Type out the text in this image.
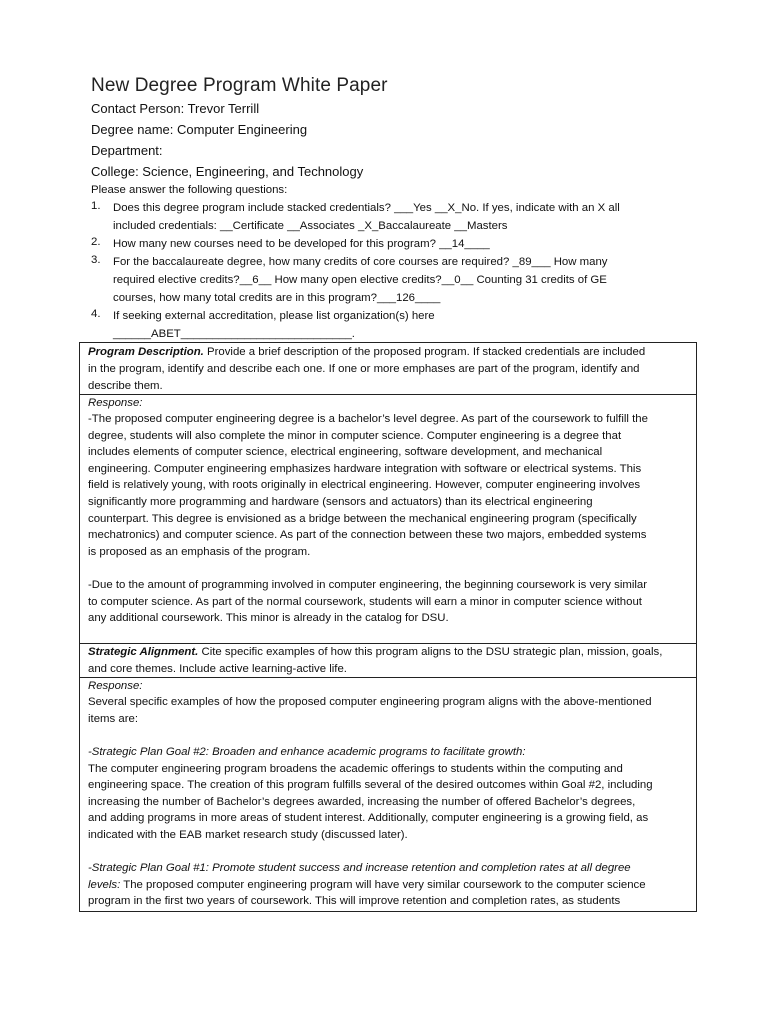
New Degree Program White Paper
Contact Person: Trevor Terrill
Degree name: Computer Engineering
Department:
College: Science, Engineering, and Technology
Please answer the following questions:
1. Does this degree program include stacked credentials? ___Yes __X_No. If yes, indicate with an X all
included credentials: __Certificate __Associates _X_Baccalaureate __Masters
2. How many new courses need to be developed for this program? __14____
3. For the baccalaureate degree, how many credits of core courses are required? _89___ How many
required elective credits?__6__ How many open elective credits?__0__ Counting 31 credits of GE
courses, how many total credits are in this program?___126____
4. If seeking external accreditation, please list organization(s) here
______ABET___________________________.
Program Description. Provide a brief description of the proposed program. If stacked credentials are included
in the program, identify and describe each one. If one or more emphases are part of the program, identify and
describe them.
Response:
-The proposed computer engineering degree is a bachelor’s level degree. As part of the coursework to fulfill the
degree, students will also complete the minor in computer science. Computer engineering is a degree that
includes elements of computer science, electrical engineering, software development, and mechanical
engineering. Computer engineering emphasizes hardware integration with software or electrical systems. This
field is relatively young, with roots originally in electrical engineering. However, computer engineering involves
significantly more programming and hardware (sensors and actuators) than its electrical engineering
counterpart. This degree is envisioned as a bridge between the mechanical engineering program (specifically
mechatronics) and computer science. As part of the connection between these two majors, embedded systems
is proposed as an emphasis of the program.
-Due to the amount of programming involved in computer engineering, the beginning coursework is very similar
to computer science. As part of the normal coursework, students will earn a minor in computer science without
any additional coursework. This minor is already in the catalog for DSU.
Strategic Alignment. Cite specific examples of how this program aligns to the DSU strategic plan, mission, goals,
and core themes. Include active learning-active life.
Response:
Several specific examples of how the proposed computer engineering program aligns with the above-mentioned
items are:
-Strategic Plan Goal #2: Broaden and enhance academic programs to facilitate growth:
The computer engineering program broadens the academic offerings to students within the computing and
engineering space. The creation of this program fulfills several of the desired outcomes within Goal #2, including
increasing the number of Bachelor’s degrees awarded, increasing the number of offered Bachelor’s degrees,
and adding programs in more areas of student interest. Additionally, computer engineering is a growing field, as
indicated with the EAB market research study (discussed later).
-Strategic Plan Goal #1: Promote student success and increase retention and completion rates at all degree
levels: The proposed computer engineering program will have very similar coursework to the computer science
program in the first two years of coursework. This will improve retention and completion rates, as students
